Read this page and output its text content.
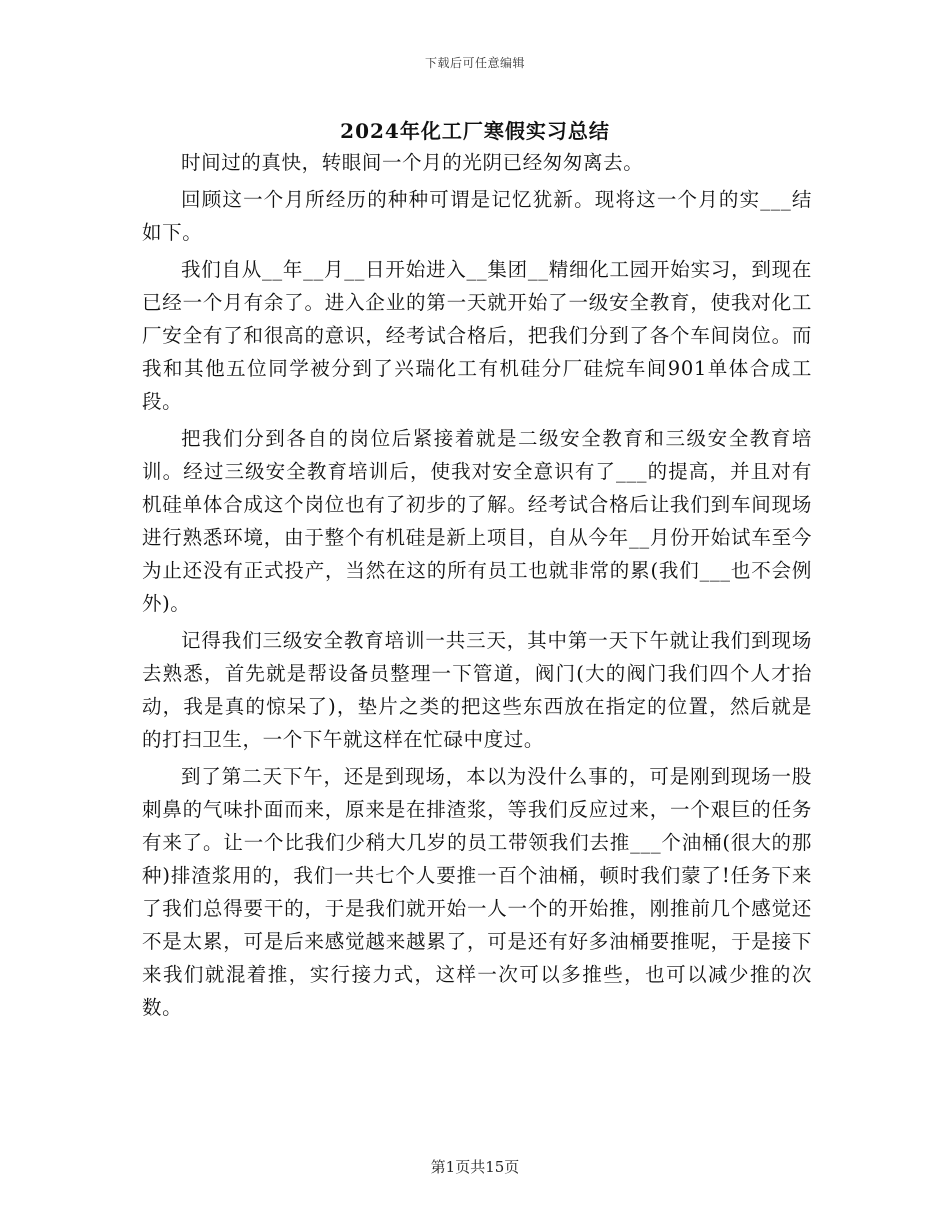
下载后可任意编辑
2024年化工厂寒假实习总结

时间过的真快，转眼间一个月的光阴已经匆匆离去。

回顾这一个月所经历的种种可谓是记忆犹新。现将这一个月的实___结如下。

我们自从__年__月__日开始进入__集团__精细化工园开始实习，到现在已经一个月有余了。进入企业的第一天就开始了一级安全教育，使我对化工厂安全有了和很高的意识，经考试合格后，把我们分到了各个车间岗位。而我和其他五位同学被分到了兴瑞化工有机硅分厂硅烷车间901单体合成工段。

把我们分到各自的岗位后紧接着就是二级安全教育和三级安全教育培训。经过三级安全教育培训后，使我对安全意识有了___的提高，并且对有机硅单体合成这个岗位也有了初步的了解。经考试合格后让我们到车间现场进行熟悉环境，由于整个有机硅是新上项目，自从今年__月份开始试车至今为止还没有正式投产，当然在这的所有员工也就非常的累(我们___也不会例外)。

记得我们三级安全教育培训一共三天，其中第一天下午就让我们到现场去熟悉，首先就是帮设备员整理一下管道，阀门(大的阀门我们四个人才抬动，我是真的惊呆了)，垫片之类的把这些东西放在指定的位置，然后就是的打扫卫生，一个下午就这样在忙碌中度过。

到了第二天下午，还是到现场，本以为没什么事的，可是刚到现场一股刺鼻的气味扑面而来，原来是在排渣浆，等我们反应过来，一个艰巨的任务有来了。让一个比我们少稍大几岁的员工带领我们去推___个油桶(很大的那种)排渣浆用的，我们一共七个人要推一百个油桶，顿时我们蒙了!任务下来了我们总得要干的，于是我们就开始一人一个的开始推，刚推前几个感觉还不是太累，可是后来感觉越来越累了，可是还有好多油桶要推呢，于是接下来我们就混着推，实行接力式，这样一次可以多推些，也可以减少推的次数。

第1页共15页
